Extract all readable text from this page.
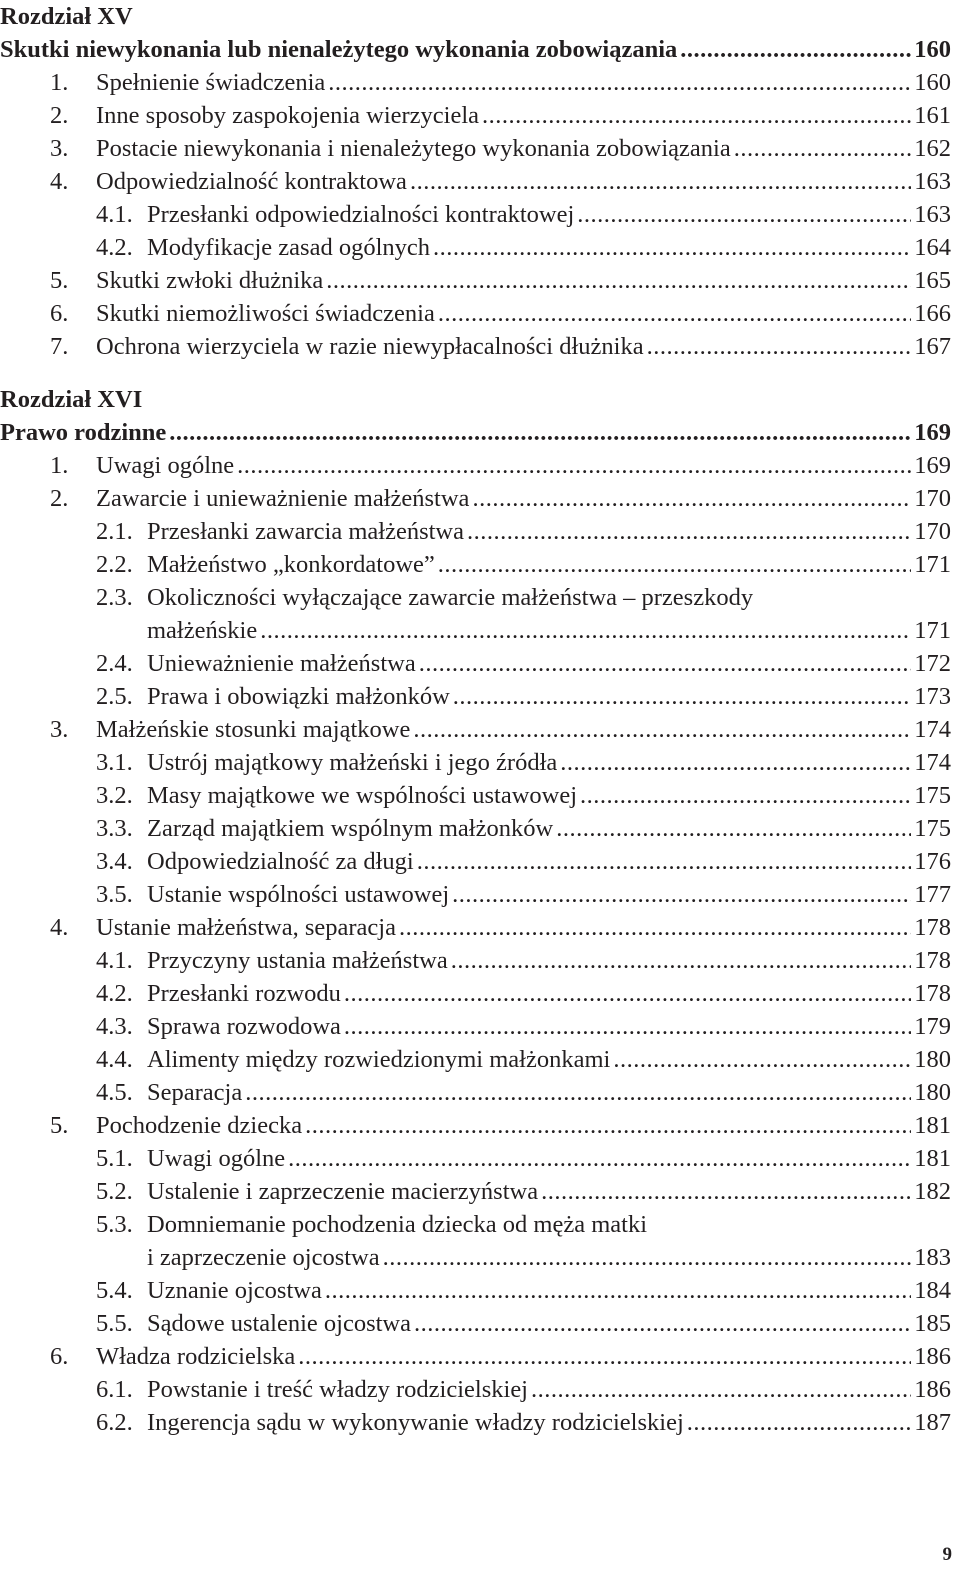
Rozdział XV
Skutki niewykonania lub nienależytego wykonania zobowiązania .....	160
1.	Spełnienie świadczenia .....	160
2.	Inne sposoby zaspokojenia wierzyciela .....	161
3.	Postacie niewykonania i nienależytego wykonania zobowiązania .....	162
4.	Odpowiedzialność kontraktowa .....	163
4.1. Przesłanki odpowiedzialności kontraktowej .....	163
4.2. Modyfikacje zasad ogólnych .....	164
5.	Skutki zwłoki dłużnika .....	165
6.	Skutki niemożliwości świadczenia .....	166
7.	Ochrona wierzyciela w razie niewypłacalności dłużnika .....	167
Rozdział XVI
Prawo rodzinne .....	169
1.	Uwagi ogólne .....	169
2.	Zawarcie i unieważnienie małżeństwa .....	170
2.1. Przesłanki zawarcia małżeństwa .....	170
2.2. Małżeństwo „konkordatowe” .....	171
2.3. Okoliczności wyłączające zawarcie małżeństwa – przeszkody
małżeńskie .....	171
2.4. Unieważnienie małżeństwa .....	172
2.5. Prawa i obowiązki małżonków .....	173
3.	Małżeńskie stosunki majątkowe .....	174
3.1. Ustrój majątkowy małżeński i jego źródła .....	174
3.2. Masy majątkowe we wspólności ustawowej .....	175
3.3. Zarząd majątkiem wspólnym małżonków .....	175
3.4. Odpowiedzialność za długi .....	176
3.5. Ustanie wspólności ustawowej .....	177
4.	Ustanie małżeństwa, separacja .....	178
4.1. Przyczyny ustania małżeństwa .....	178
4.2. Przesłanki rozwodu .....	178
4.3. Sprawa rozwodowa .....	179
4.4. Alimenty między rozwiedzionymi małżonkami .....	180
4.5. Separacja .....	180
5.	Pochodzenie dziecka .....	181
5.1. Uwagi ogólne .....	181
5.2. Ustalenie i zaprzeczenie macierzyństwa .....	182
5.3. Domniemanie pochodzenia dziecka od męża matki
i zaprzeczenie ojcostwa .....	183
5.4. Uznanie ojcostwa .....	184
5.5. Sądowe ustalenie ojcostwa .....	185
6.	Władza rodzicielska .....	186
6.1. Powstanie i treść władzy rodzicielskiej .....	186
6.2. Ingerencja sądu w wykonywanie władzy rodzicielskiej .....	187
9
